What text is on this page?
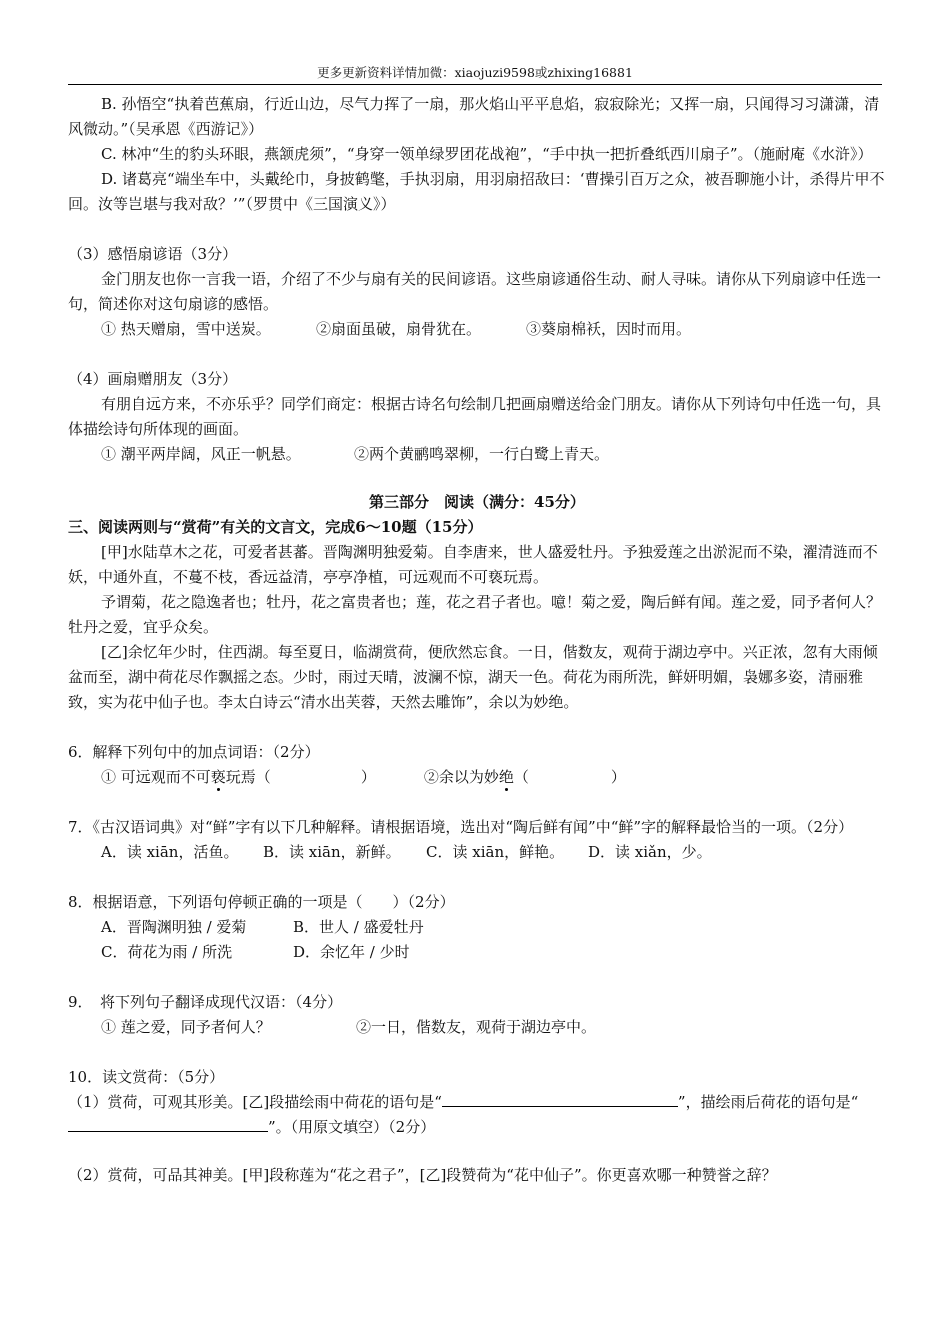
更多更新资料详情加微：xiaojuzi9598或zhixing16881

B. 孙悟空“执着芭蕉扇，行近山边，尽气力挥了一扇，那火焰山平平息焰，寂寂除光；又挥一扇，只闻得习习潇潇，清风微动。”（吴承恩《西游记》）

C. 林冲“生的豹头环眼，燕颔虎须”，“身穿一领单绿罗团花战袍”，“手中执一把折叠纸西川扇子”。（施耐庵《水浒》）

D. 诸葛亮“端坐车中，头戴纶巾，身披鹤氅，手执羽扇，用羽扇招敌曰：‘曹操引百万之众，被吾聊施小计，杀得片甲不回。汝等岂堪与我对敌？’”（罗贯中《三国演义》）

（3）感悟扇谚语（3分）

金门朋友也你一言我一语，介绍了不少与扇有关的民间谚语。这些扇谚通俗生动、耐人寻味。请你从下列扇谚中任选一句，简述你对这句扇谚的感悟。

① 热天赠扇，雪中送炭。	②扇面虽破，扇骨犹在。	③葵扇棉袄，因时而用。

（4）画扇赠朋友（3分）

有朋自远方来，不亦乐乎？同学们商定：根据古诗名句绘制几把画扇赠送给金门朋友。请你从下列诗句中任选一句，具体描绘诗句所体现的画面。

① 潮平两岸阔，风正一帆悬。	②两个黄鹂鸣翠柳，一行白鹭上青天。

第三部分　阅读（满分：45分）

三、阅读两则与“赏荷”有关的文言文，完成6～10题（15分）

[甲]水陆草木之花，可爱者甚蕃。晋陶渊明独爱菊。自李唐来，世人盛爱牡丹。予独爱莲之出淤泥而不染，濯清涟而不妖，中通外直，不蔓不枝，香远益清，亭亭净植，可远观而不可亵玩焉。

予谓菊，花之隐逸者也；牡丹，花之富贵者也；莲，花之君子者也。噫！菊之爱，陶后鲜有闻。莲之爱，同予者何人？牡丹之爱，宜乎众矣。

[乙]余忆年少时，住西湖。每至夏日，临湖赏荷，便欣然忘食。一日，偕数友，观荷于湖边亭中。兴正浓，忽有大雨倾盆而至，湖中荷花尽作飘摇之态。少时，雨过天晴，波澜不惊，湖天一色。荷花为雨所洗，鲜妍明媚，袅娜多姿，清丽雅致，实为花中仙子也。李太白诗云“清水出芙蓉，天然去雕饰”，余以为妙绝。

6．解释下列句中的加点词语：（2分）

① 可远观而不可亵玩焉（	）	②余以为妙绝（	）

7．《古汉语词典》对“鲜”字有以下几种解释。请根据语境，选出对“陶后鲜有闻”中“鲜”字的解释最恰当的一项。（2分）

A．读 xiān，活鱼。 B．读 xiān，新鲜。 C．读 xiān，鲜艳。 D．读 xiǎn，少。

8．根据语意，下列语句停顿正确的一项是（　　）（2分）

A．晋陶渊明独 / 爱菊	B．世人 / 盛爱牡丹

C．荷花为雨 / 所洗	D．余忆年 / 少时

9．　将下列句子翻译成现代汉语：（4分）

① 莲之爱，同予者何人？	②一日，偕数友，观荷于湖边亭中。

10．读文赏荷：（5分）

（1）赏荷，可观其形美。[乙]段描绘雨中荷花的语句是“	”，描绘雨后荷花的语句是“”。（用原文填空）（2分）

（2）赏荷，可品其神美。[甲]段称莲为“花之君子”，[乙]段赞荷为“花中仙子”。你更喜欢哪一种赞誉之辞？
